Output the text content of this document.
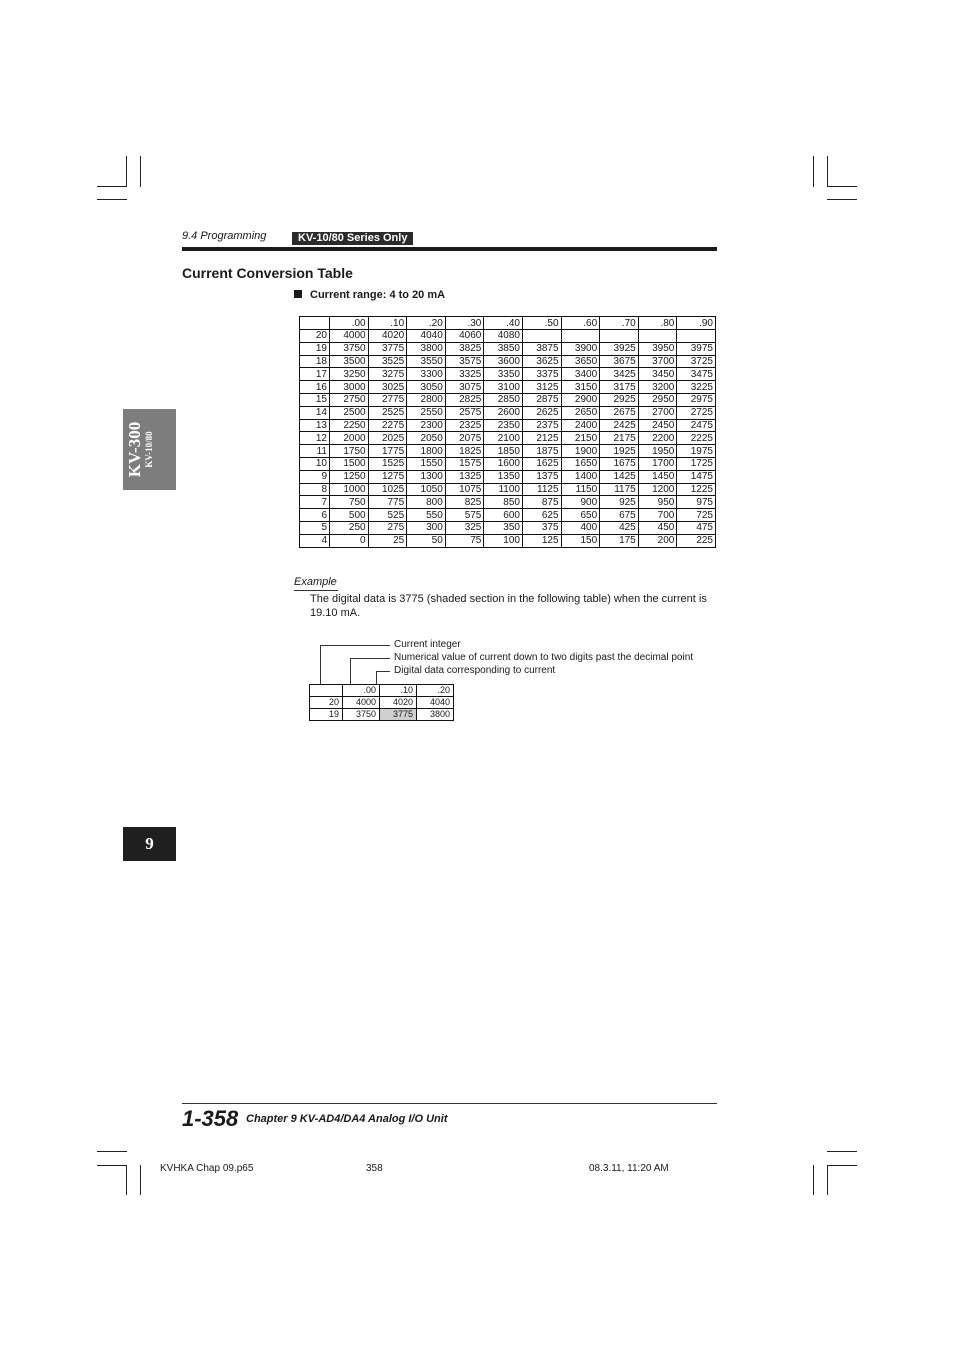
9.4 Programming	KV-10/80 Series Only
Current Conversion Table
Current range: 4 to 20 mA
	.00	.10	.20	.30	.40	.50	.60	.70	.80	.90
20	4000	4020	4040	4060	4080					
19	3750	3775	3800	3825	3850	3875	3900	3925	3950	3975
18	3500	3525	3550	3575	3600	3625	3650	3675	3700	3725
17	3250	3275	3300	3325	3350	3375	3400	3425	3450	3475
16	3000	3025	3050	3075	3100	3125	3150	3175	3200	3225
15	2750	2775	2800	2825	2850	2875	2900	2925	2950	2975
14	2500	2525	2550	2575	2600	2625	2650	2675	2700	2725
13	2250	2275	2300	2325	2350	2375	2400	2425	2450	2475
12	2000	2025	2050	2075	2100	2125	2150	2175	2200	2225
11	1750	1775	1800	1825	1850	1875	1900	1925	1950	1975
10	1500	1525	1550	1575	1600	1625	1650	1675	1700	1725
9	1250	1275	1300	1325	1350	1375	1400	1425	1450	1475
8	1000	1025	1050	1075	1100	1125	1150	1175	1200	1225
7	750	775	800	825	850	875	900	925	950	975
6	500	525	550	575	600	625	650	675	700	725
5	250	275	300	325	350	375	400	425	450	475
4	0	25	50	75	100	125	150	175	200	225
Example
The digital data is 3775 (shaded section in the following table) when the current is 19.10 mA.
Current integer
Numerical value of current down to two digits past the decimal point
Digital data corresponding to current
	.00	.10	.20
20	4000	4020	4040
19	3750	3775	3800
KV-300 KV-10/80
9
1-358 Chapter 9 KV-AD4/DA4 Analog I/O Unit
KVHKA Chap 09.p65	358	08.3.11, 11:20 AM
